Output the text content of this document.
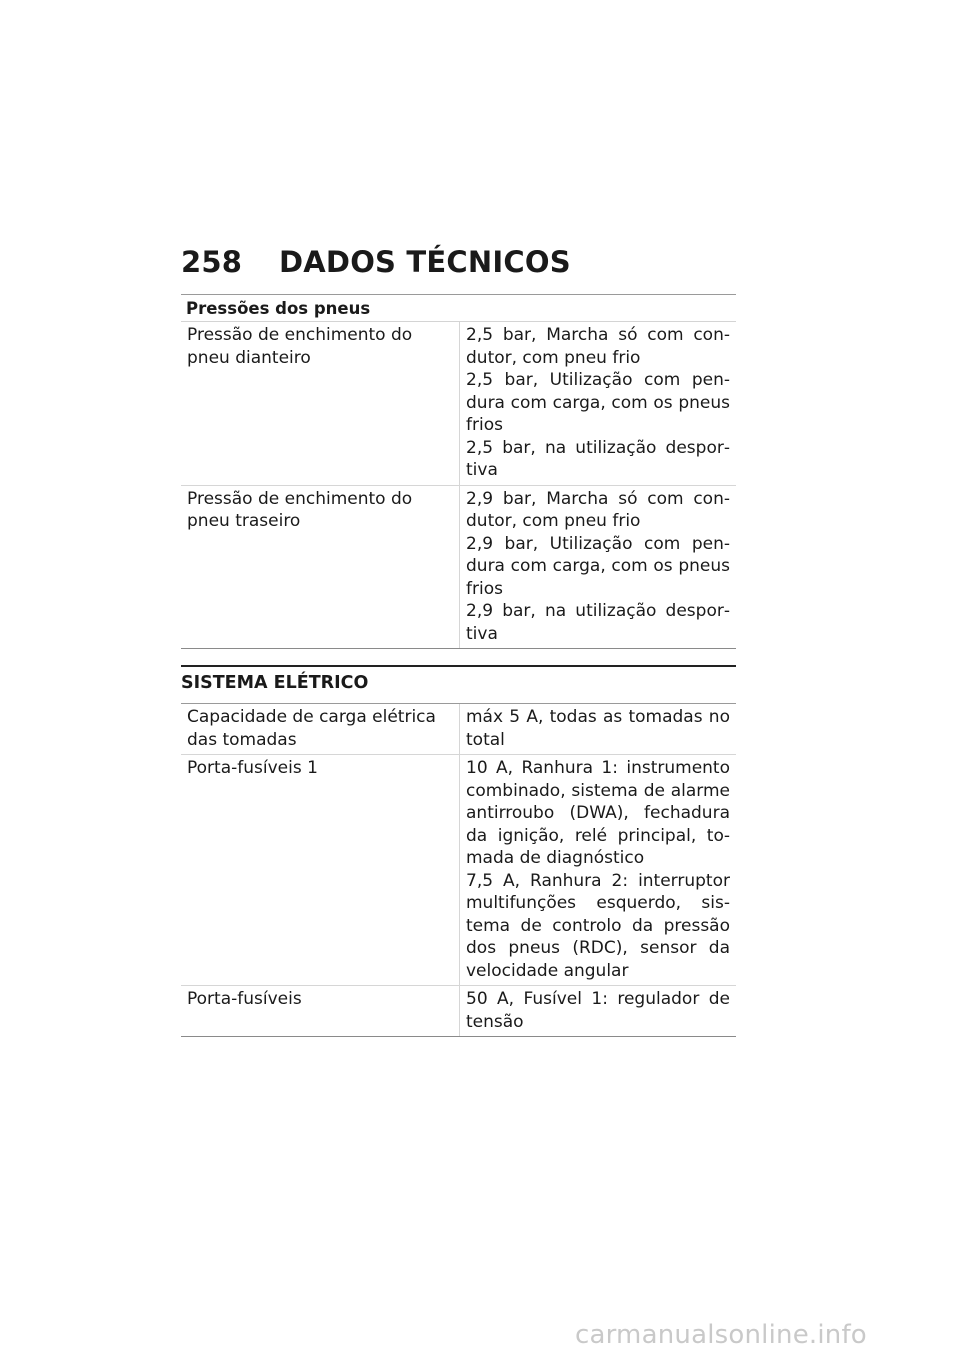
258 DADOS TÉCNICOS
Pressões dos pneus
Pressão de enchimento do pneu dianteiro	2,5 bar, Marcha só com condutor, com pneu frio
2,5 bar, Utilização com pendura com carga, com os pneus frios
2,5 bar, na utilização desportiva

Pressão de enchimento do pneu traseiro	2,9 bar, Marcha só com condutor, com pneu frio
2,9 bar, Utilização com pendura com carga, com os pneus frios
2,9 bar, na utilização desportiva
SISTEMA ELÉTRICO
Capacidade de carga elétrica das tomadas	máx 5 A, todas as tomadas no total

Porta-fusíveis 1	10 A, Ranhura 1: instrumento combinado, sistema de alarme antirroubo (DWA), fechadura da ignição, relé principal, tomada de diagnóstico
7,5 A, Ranhura 2: interruptor multifunções esquerdo, sistema de controlo da pressão dos pneus (RDC), sensor da velocidade angular

Porta-fusíveis	50 A, Fusível 1: regulador de tensão
carmanualsonline.info
